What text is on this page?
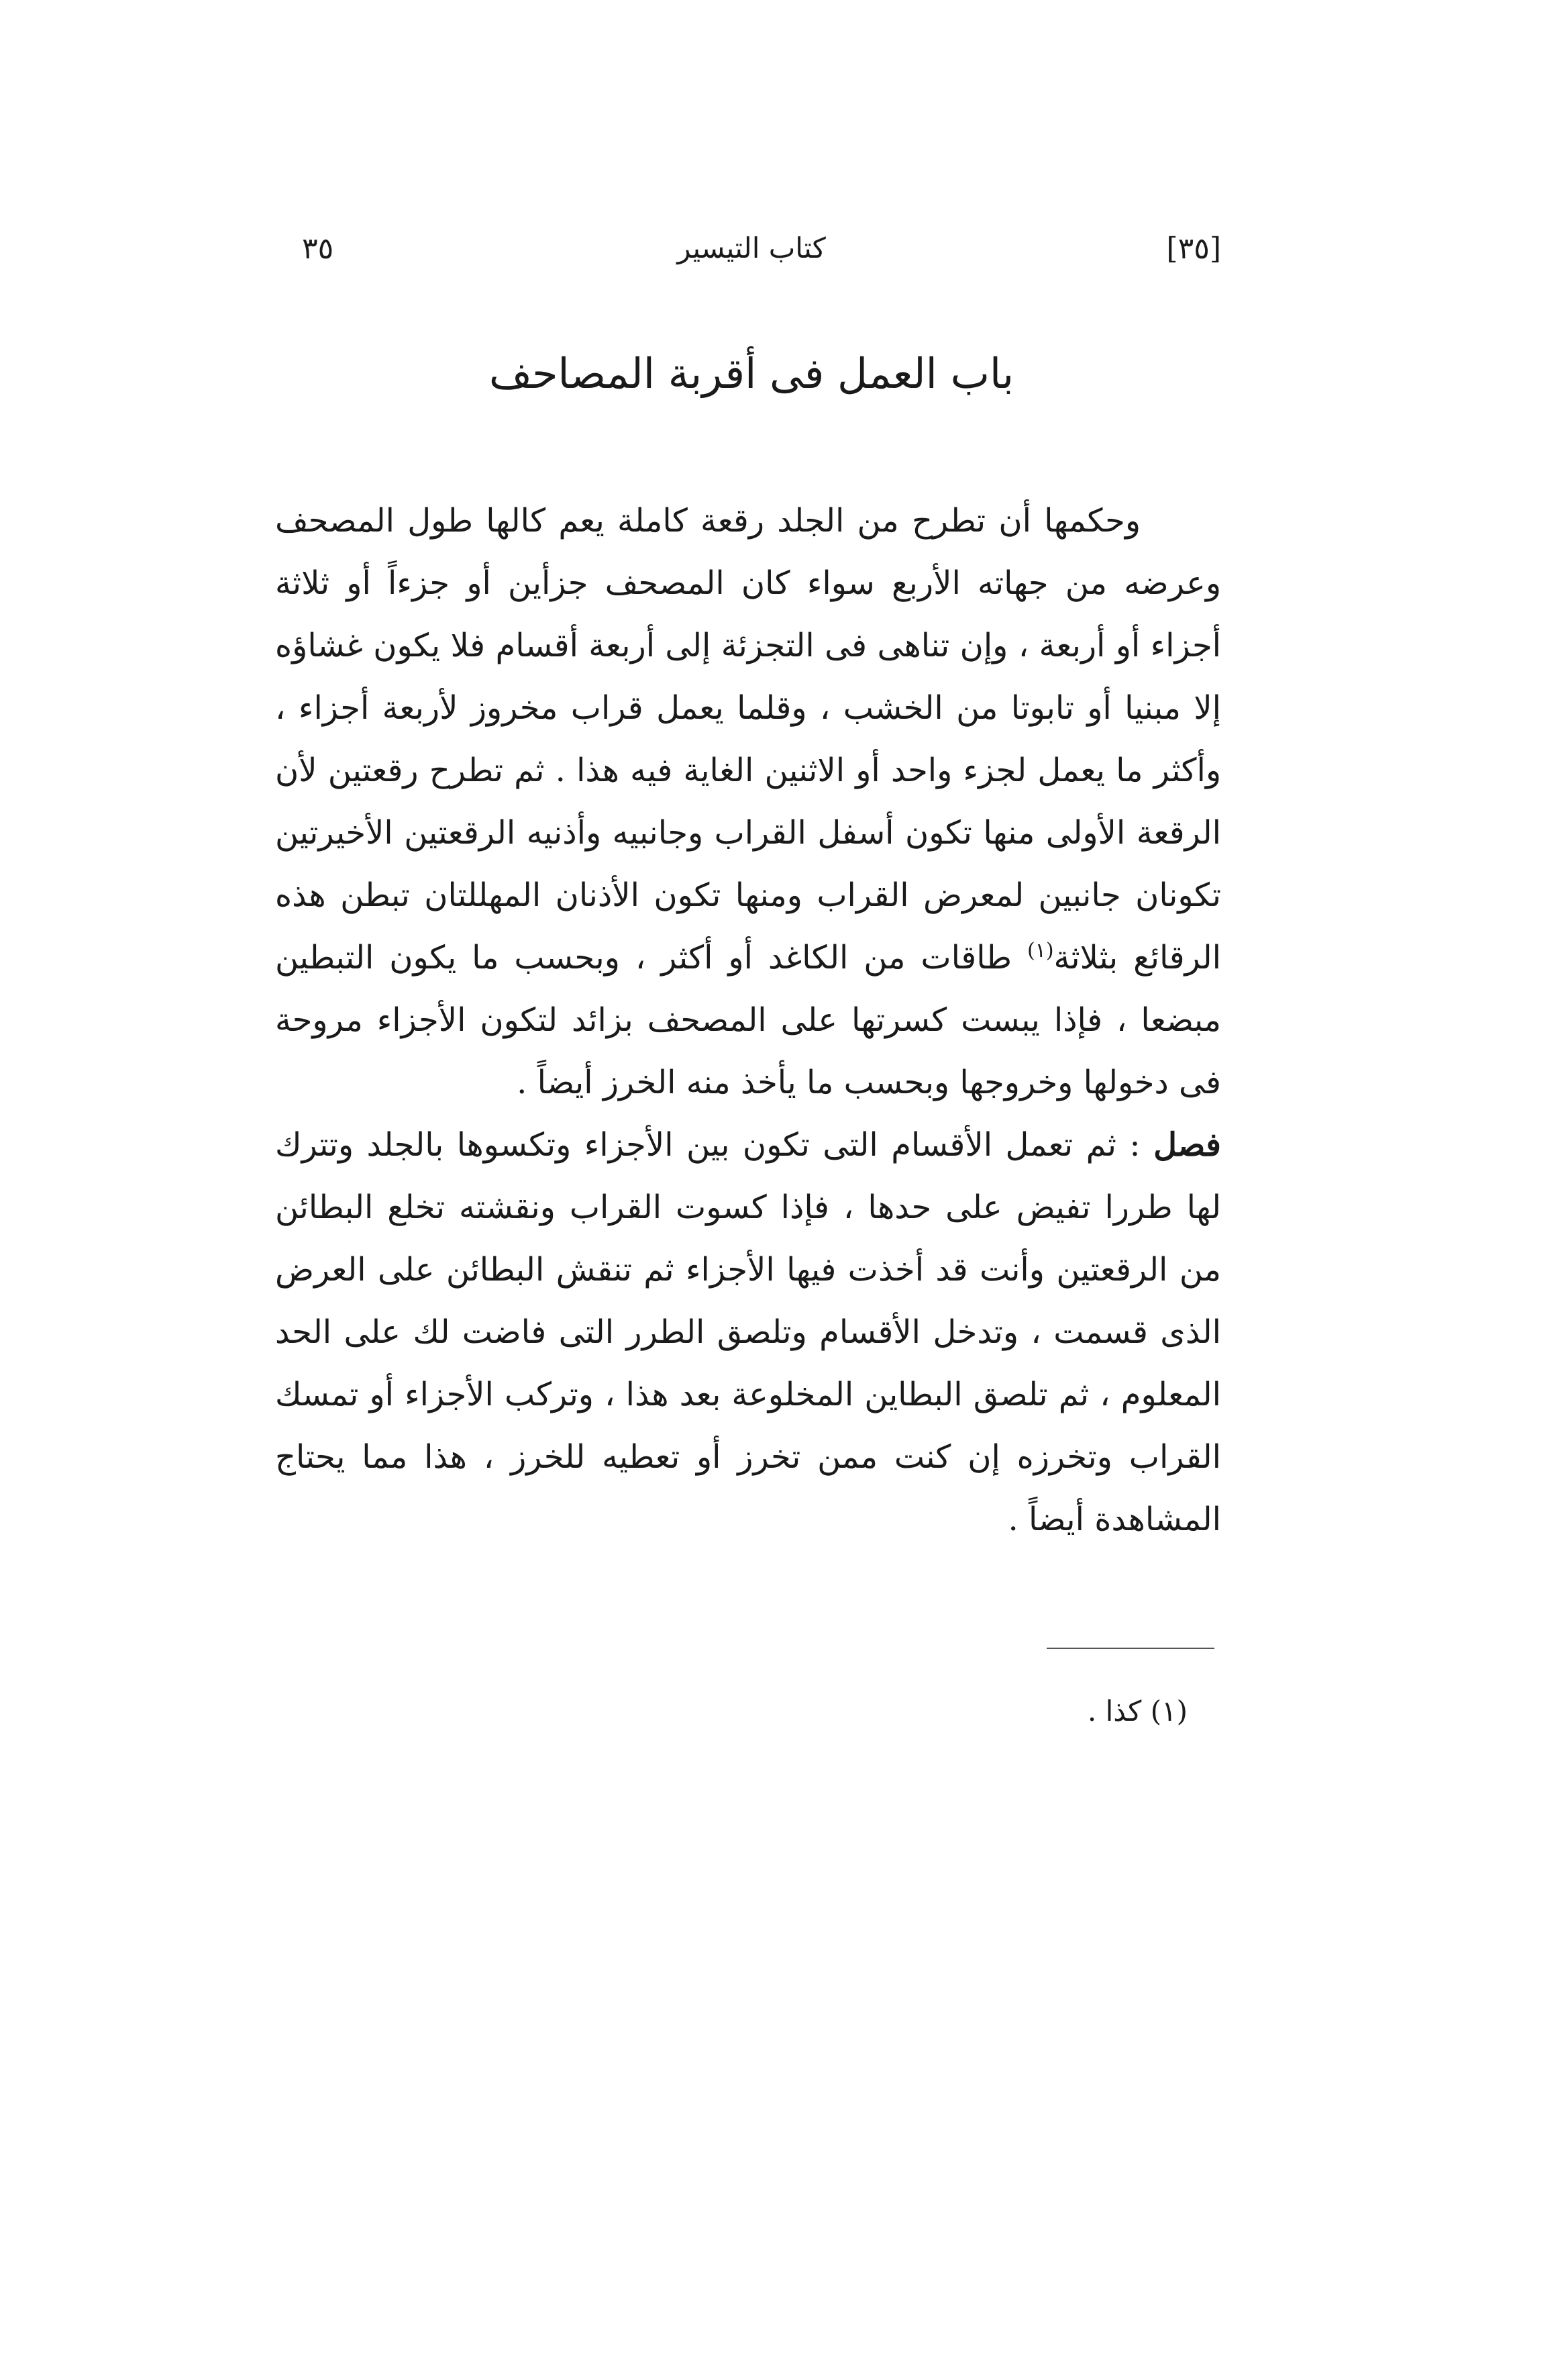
[٣٥]
كتاب التيسير
٣٥
باب العمل فى أقربة المصاحف

وحكمها أن تطرح من الجلد رقعة كاملة يعم كالها طول المصحف وعرضه من جهاته الأربع سواء كان المصحف جزأين أو جزءاً أو ثلاثة أجزاء أو أربعة ، وإن تناهى فى التجزئة إلى أربعة أقسام فلا يكون غشاؤه إلا مبنيا أو تابوتا من الخشب ، وقلما يعمل قراب مخروز لأربعة أجزاء ، وأكثر ما يعمل لجزء واحد أو الاثنين الغاية فيه هذا . ثم تطرح رقعتين لأن الرقعة الأولى منها تكون أسفل القراب وجانبيه وأذنيه الرقعتين الأخيرتين تكونان جانبين لمعرض القراب ومنها تكون الأذنان المهللتان تبطن هذه الرقائع بثلاثة$^{(١)}$ طاقات من الكاغد أو أكثر ، وبحسب ما يكون التبطين مبضعا ، فإذا يبست كسرتها على المصحف بزائد لتكون الأجزاء مروحة فى دخولها وخروجها وبحسب ما يأخذ منه الخرز أيضاً .

فصل : ثم تعمل الأقسام التى تكون بين الأجزاء وتكسوها بالجلد وتترك لها طررا تفيض على حدها ، فإذا كسوت القراب ونقشته تخلع البطائن من الرقعتين وأنت قد أخذت فيها الأجزاء ثم تنقش البطائن على العرض الذى قسمت ، وتدخل الأقسام وتلصق الطرر التى فاضت لك على الحد المعلوم ، ثم تلصق البطاين المخلوعة بعد هذا ، وتركب الأجزاء أو تمسك القراب وتخرزه إن كنت ممن تخرز أو تعطيه للخرز ، هذا مما يحتاج المشاهدة أيضاً .

(١) كذا .
